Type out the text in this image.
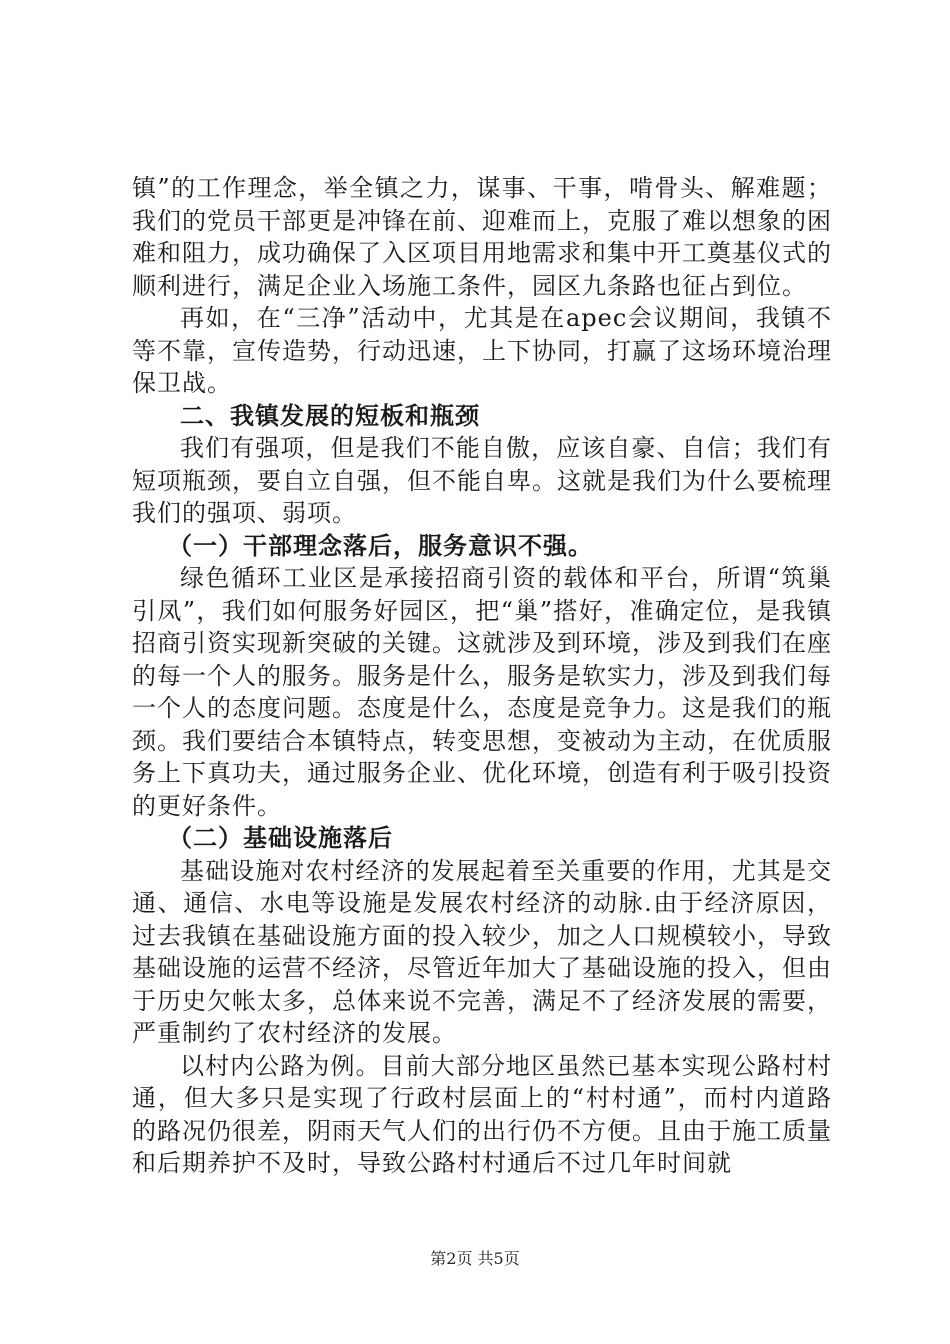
镇”的工作理念，举全镇之力，谋事、干事，啃骨头、解难题；我们的党员干部更是冲锋在前、迎难而上，克服了难以想象的困难和阻力，成功确保了入区项目用地需求和集中开工奠基仪式的顺利进行，满足企业入场施工条件，园区九条路也征占到位。

再如，在“三净”活动中，尤其是在apec会议期间，我镇不等不靠，宣传造势，行动迅速，上下协同，打赢了这场环境治理保卫战。

二、我镇发展的短板和瓶颈

我们有强项，但是我们不能自傲，应该自豪、自信；我们有短项瓶颈，要自立自强，但不能自卑。这就是我们为什么要梳理我们的强项、弱项。

（一）干部理念落后，服务意识不强。

绿色循环工业区是承接招商引资的载体和平台，所谓“筑巢引凤”，我们如何服务好园区，把“巢”搭好，准确定位，是我镇招商引资实现新突破的关键。这就涉及到环境，涉及到我们在座的每一个人的服务。服务是什么，服务是软实力，涉及到我们每一个人的态度问题。态度是什么，态度是竞争力。这是我们的瓶颈。我们要结合本镇特点，转变思想，变被动为主动，在优质服务上下真功夫，通过服务企业、优化环境，创造有利于吸引投资的更好条件。

（二）基础设施落后

基础设施对农村经济的发展起着至关重要的作用，尤其是交通、通信、水电等设施是发展农村经济的动脉.由于经济原因，过去我镇在基础设施方面的投入较少，加之人口规模较小，导致基础设施的运营不经济，尽管近年加大了基础设施的投入，但由于历史欠帐太多，总体来说不完善，满足不了经济发展的需要，严重制约了农村经济的发展。

以村内公路为例。目前大部分地区虽然已基本实现公路村村通，但大多只是实现了行政村层面上的“村村通”，而村内道路的路况仍很差，阴雨天气人们的出行仍不方便。且由于施工质量和后期养护不及时，导致公路村村通后不过几年时间就

第2页 共5页
